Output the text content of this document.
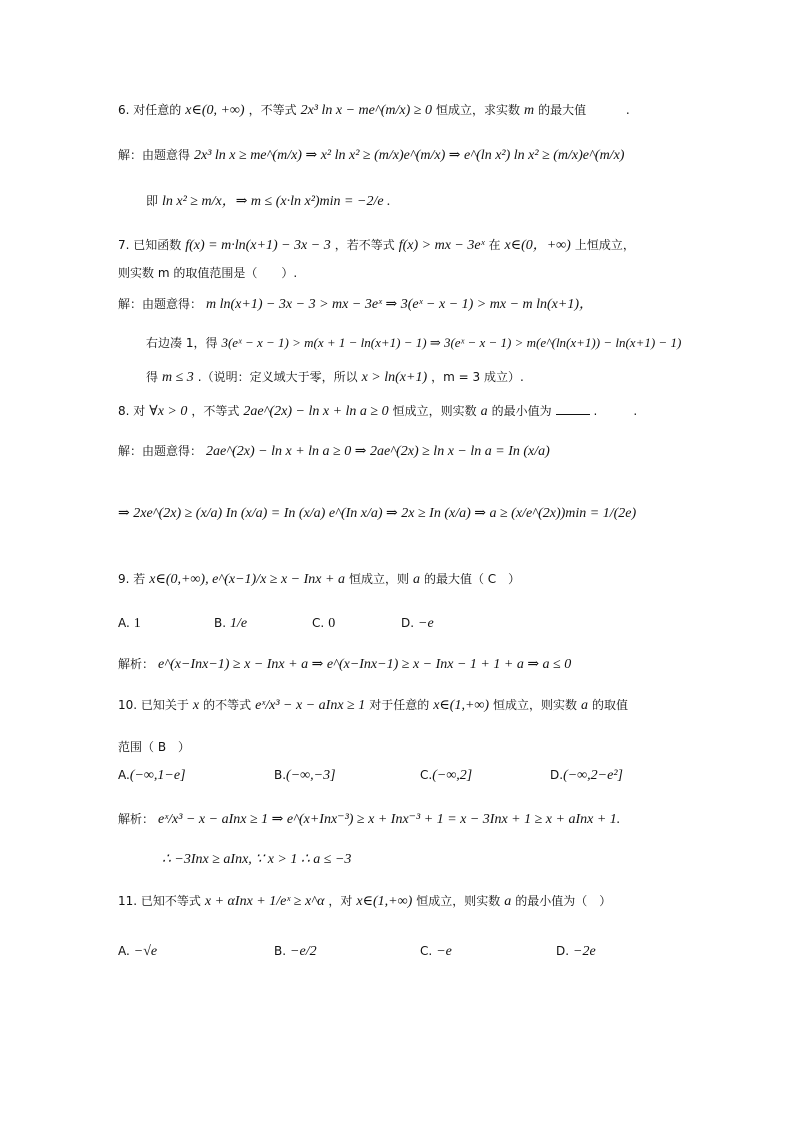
6. 对任意的 x∈(0, +∞) ，不等式 2x³ ln x − me^(m/x) ≥ 0 恒成立，求实数 m 的最大值 　　　.
解：由题意得 2x³ ln x ≥ me^(m/x) ⇒ x² ln x² ≥ (m/x)e^(m/x) ⇒ e^(ln x²) ln x² ≥ (m/x)e^(m/x)
即 ln x² ≥ m/x，⇒ m ≤ (x·ln x²)min = −2/e .
7. 已知函数 f(x) = m·ln(x+1) − 3x − 3 ，若不等式 f(x) > mx − 3eˣ 在 x∈(0，+∞) 上恒成立，
则实数 m 的取值范围是（　　）.
解：由题意得： m ln(x+1) − 3x − 3 > mx − 3eˣ ⇒ 3(eˣ − x − 1) > mx − m ln(x+1)，
右边凑 1，得 3(eˣ − x − 1) > m(x + 1 − ln(x+1) − 1) ⇒ 3(eˣ − x − 1) > m(e^(ln(x+1)) − ln(x+1) − 1)
得 m ≤ 3 .（说明：定义域大于零，所以 x > ln(x+1) ，m = 3 成立）.
8. 对 ∀x > 0 ，不等式 2ae^(2x) − ln x + ln a ≥ 0 恒成立，则实数 a 的最小值为	.　　　.
解：由题意得： 2ae^(2x) − ln x + ln a ≥ 0 ⇒ 2ae^(2x) ≥ ln x − ln a = In (x/a)
⇒ 2xe^(2x) ≥ (x/a) In (x/a) = In (x/a) e^(In x/a) ⇒ 2x ≥ In (x/a) ⇒ a ≥ (x/e^(2x))min = 1/(2e)
9. 若 x∈(0,+∞), e^(x−1)/x ≥ x − Inx + a 恒成立，则 a 的最大值（ C　）
A. 1	B. 1/e	C. 0	D. −e
解析： e^(x−Inx−1) ≥ x − Inx + a ⇒ e^(x−Inx−1) ≥ x − Inx − 1 + 1 + a ⇒ a ≤ 0
10. 已知关于 x 的不等式 eˣ/x³ − x − aInx ≥ 1 对于任意的 x∈(1,+∞) 恒成立，则实数 a 的取值
范围（ B　）
A.(−∞,1−e]	B.(−∞,−3]	C.(−∞,2]	D.(−∞,2−e²]
解析： eˣ/x³ − x − aInx ≥ 1 ⇒ e^(x+Inx⁻³) ≥ x + Inx⁻³ + 1 = x − 3Inx + 1 ≥ x + aInx + 1.
∴ −3Inx ≥ aInx, ∵ x > 1 ∴ a ≤ −3
11. 已知不等式 x + αInx + 1/eˣ ≥ x^α ，对 x∈(1,+∞) 恒成立，则实数 a 的最小值为（　）
A. −√e	B. −e/2	C. −e	D. −2e
